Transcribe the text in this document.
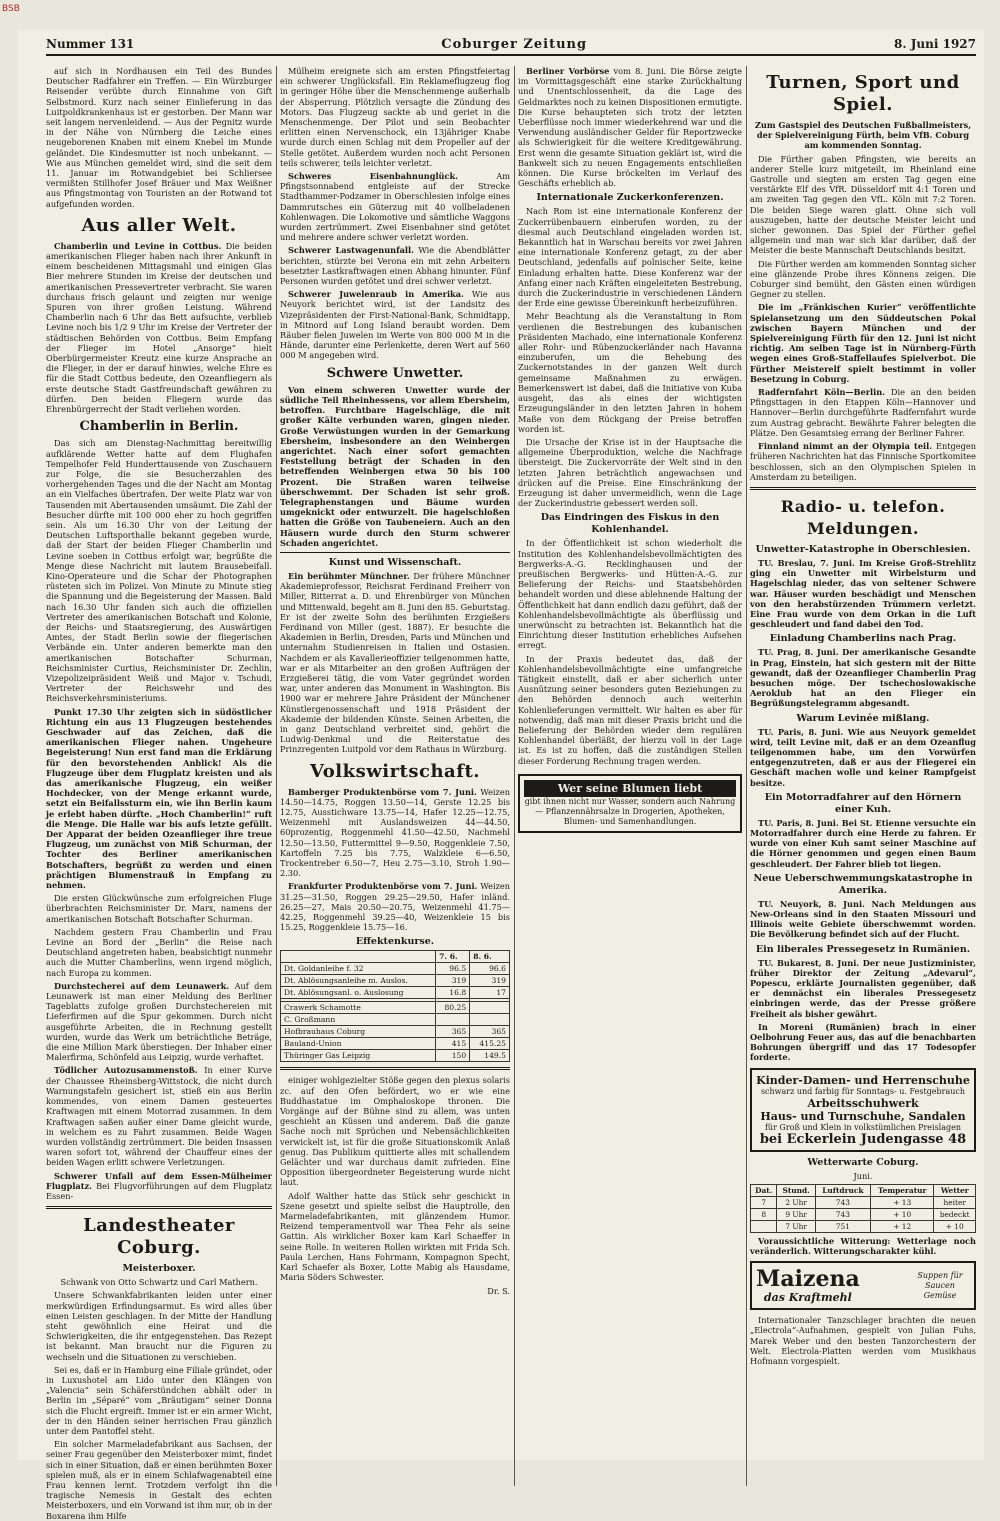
Nummer 131	Coburger Zeitung	8. Juni 1927

auf sich in Nordhausen ein Teil des Bundes Deutscher Radfahrer ein Treffen. — Ein Würzburger Reisender verübte durch Einnahme von Gift Selbstmord. Kurz nach seiner Einlieferung in das Luitpoldkrankenhaus ist er gestorben. Der Mann war seit langem nervenleidend. — Aus der Pegnitz wurde in der Nähe von Nürnberg die Leiche eines neugeborenen Knaben mit einem Knebel im Munde geländet. Die Kindesmutter ist noch unbekannt. — Wie aus München gemeldet wird, sind die seit dem 11. Januar im Rotwandgebiet bei Schliersee vermißten Stillhofer Josef Bräuer und Max Weißner aus Pfingstmontag von Touristen an der Rotwand tot aufgefunden worden.

Aus aller Welt.

Chamberlin und Levine in Cottbus. Die beiden amerikanischen Flieger haben nach ihrer Ankunft in einem bescheidenen Mittagsmahl und einigen Glas Bier mehrere Stunden im Kreise der deutschen und amerikanischen Pressevertreter verbracht. Sie waren durchaus frisch gelaunt und zeigten nur wenige Spuren von ihrer großen Leistung. Während Chamberlin nach 6 Uhr das Bett aufsuchte, verblieb Levine noch bis 1/2 9 Uhr im Kreise der Vertreter der städtischen Behörden von Cottbus. Beim Empfang der Flieger im Hotel „Ansorge“ hielt Oberbürgermeister Kreutz eine kurze Ansprache an die Flieger, in der er darauf hinwies, welche Ehre es für die Stadt Cottbus bedeute, den Ozeanfliegern als erste deutsche Stadt Gastfreundschaft gewähren zu dürfen. Den beiden Fliegern wurde das Ehrenbürgerrecht der Stadt verliehen worden.

Chamberlin in Berlin.

Das sich am Dienstag-Nachmittag bereitwillig aufklärende Wetter hatte auf dem Flughafen Tempelhofer Feld Hunderttausende von Zuschauern zur Folge, die sie Besucherzahlen des vorhergehenden Tages und die der Nacht am Montag an ein Vielfaches übertrafen. Der weite Platz war von Tausenden mit Abertausenden umsäumt. Die Zahl der Besucher dürfte mit 100 000 eher zu hoch gegriffen sein. Als um 16.30 Uhr von der Leitung der Deutschen Luftsporthalle bekannt gegeben wurde, daß der Start der beiden Flieger Chamberlin und Levine soeben in Cottbus erfolgt war, begrüßte die Menge diese Nachricht mit lautem Brausebeifall. Kino-Operateure und die Schar der Photographen rüsteten sich im Polizei. Von Minute zu Minute stieg die Spannung und die Begeisterung der Massen. Bald nach 16.30 Uhr fanden sich auch die offiziellen Vertreter des amerikanischen Botschaft und Kolonie, der Reichs- und Staatsregierung, des Auswärtigen Amtes, der Stadt Berlin sowie der fliegerischen Verbände ein. Unter anderen bemerkte man den amerikanischen Botschafter Schurman, Reichsminister Curtius, Reichsminister Dr. Zechlin, Vizepolizeipräsident Weiß und Major v. Tschudi, Vertreter der Reichswehr und des Reichsverkehrsministeriums.

Punkt 17.30 Uhr zeigten sich in südöstlicher Richtung ein aus 13 Flugzeugen bestehendes Geschwader auf das Zeichen, daß die amerikanischen Flieger nahen. Ungeheure Begeisterung! Nun erst fand man die Erklärung für den bevorstehenden Anblick! Als die Flugzeuge über dem Flugplatz kreisten und als das amerikanische Flugzeug, ein weißer Hochdecker, von der Menge erkannt wurde, setzt ein Beifallssturm ein, wie ihn Berlin kaum je erlebt haben dürfte. „Hoch Chamberlin!“ ruft die Menge. Die Halle war bis aufs letzte gefüllt. Der Apparat der beiden Ozeanflieger ihre treue Flugzeug, um zunächst von Miß Schurman, der Tochter des Berliner amerikanischen Botschafters, begrüßt zu werden und einen prächtigen Blumenstrauß in Empfang zu nehmen.

Die ersten Glückwünsche zum erfolgreichen Fluge überbrachten Reichsminister Dr. Marx, namens der amerikanischen Botschaft Botschafter Schurman.

Nachdem gestern Frau Chamberlin und Frau Levine an Bord der „Berlin“ die Reise nach Deutschland angetreten haben, beabsichtigt nunmehr auch die Mutter Chamberlins, wenn irgend möglich, nach Europa zu kommen.

Durchstecherei auf dem Leunawerk. Auf dem Leunawerk ist man einer Meldung des Berliner Tageblatts zufolge großen Durchstechereien mit Lieferfirmen auf die Spur gekommen. Durch nicht ausgeführte Arbeiten, die in Rechnung gestellt wurden, wurde das Werk um beträchtliche Beträge, die eine Million Mark überstiegen. Der Inhaber einer Malerfirma, Schönfeld aus Leipzig, wurde verhaftet.

Tödlicher Autozusammenstoß. In einer Kurve der Chaussee Rheinsberg-Wittstock, die nicht durch Warnungstafeln gesichert ist, stieß ein aus Berlin kommendes, von einem Damen gesteuertes Kraftwagen mit einem Motorrad zusammen. In dem Kraftwagen saßen außer einer Dame gleicht wurde, in welchem es zu Fahrt zusammen. Beide Wagen wurden vollständig zertrümmert. Die beiden Insassen waren sofort tot, während der Chauffeur eines der beiden Wagen erlitt schwere Verletzungen.

Schwerer Unfall auf dem Essen-Mülheimer Flugplatz. Bei Flugvorführungen auf dem Flugplatz Essen-

Landestheater Coburg.
Meisterboxer.

Schwank von Otto Schwartz und Carl Mathern.

Unsere Schwankfabrikanten leiden unter einer merkwürdigen Erfindungsarmut. Es wird alles über einen Leisten geschlagen. In der Mitte der Handlung steht gewöhnlich eine Heirat und die Schwierigkeiten, die ihr entgegenstehen. Das Rezept ist bekannt. Man braucht nur die Figuren zu wechseln und die Situationen zu verschieben.

Sei es, daß er in Hamburg eine Filiale gründet, oder in Luxushotel am Lido unter den Klängen von „Valencia“ sein Schäferstündchen abhält oder in Berlin im „Séparé“ vom „Bräutigam“ seiner Donna sich die Flucht ergreift. Immer ist er ein armer Wicht, der in den Händen seiner herrischen Frau gänzlich unter dem Pantoffel steht.

Ein solcher Marmeladefabrikant aus Sachsen, der seiner Frau gegenüber den Meisterboxer mimt, findet sich in einer Situation, daß er einen berühmten Boxer spielen muß, als er in einem Schlafwagenabteil eine Frau kennen lernt. Trotzdem verfolgt ihn die tragische Nemesis in Gestalt des echten Meisterboxers, und ein Vorwand ist ihm nur, ob in der Boxarena ihm Hilfe

Mülheim ereignete sich am ersten Pfingstfeiertag ein schwerer Unglücksfall. Ein Reklameflugzeug flog in geringer Höhe über die Menschenmenge außerhalb der Absperrung. Plötzlich versagte die Zündung des Motors. Das Flugzeug sackte ab und geriet in die Menschenmenge. Der Pilot und sein Beobachter erlitten einen Nervenschock, ein 13jähriger Knabe wurde durch einen Schlag mit dem Propeller auf der Stelle getötet. Außerdem wurden noch acht Personen teils schwerer, teils leichter verletzt.

Schweres Eisenbahnunglück.	Am Pfingstsonnabend entgleiste auf der Strecke Stadthammer-Podzamer in Oberschlesien infolge eines Dammrutsches ein Güterzug mit 40 vollbeladenen Kohlenwagen. Die Lokomotive und sämtliche Waggons wurden zertrümmert. Zwei Eisenbahner sind getötet und mehrere andere schwer verletzt worden.

Schwerer Lastwagenunfall. Wie die Abendblätter berichten, stürzte bei Verona ein mit zehn Arbeitern besetzter Lastkraftwagen einen Abhang hinunter. Fünf Personen wurden getötet und drei schwer verletzt.

Schwerer Juwelenraub in Amerika. Wie aus Neuyork berichtet wird, ist der Landsitz des Vizepräsidenten der First-National-Bank, Schmidtapp, in Mitnord auf Long Island beraubt worden. Dem Räuber fielen Juwelen im Werte von 800 000 M in die Hände, darunter eine Perlenkette, deren Wert auf 560 000 M angegeben wird.

Schwere Unwetter.

Von einem schweren Unwetter wurde der südliche Teil Rheinhessens, vor allem Ebersheim, betroffen. Furchtbare Hagelschläge, die mit großer Kälte verbunden waren, gingen nieder. Große Verwüstungen wurden in der Gemarkung Ebersheim, insbesondere an den Weinbergen angerichtet. Nach einer sofort gemachten Feststellung beträgt der Schaden in den betreffenden Weinbergen etwa 50 bis 100 Prozent. Die Straßen waren teilweise überschwemmt. Der Schaden ist sehr groß. Telegraphenstangen und Bäume wurden umgeknickt oder entwurzelt. Die hagelschloßen hatten die Größe von Taubeneiern. Auch an den Häusern wurde durch den Sturm schwerer Schaden angerichtet.

Kunst und Wissenschaft.

Ein berühmter Münchner. Der frühere Münchner Akademieprofessor, Reichsrat Ferdinand Freiherr von Miller, Ritterrat a. D. und Ehrenbürger von München und Mittenwald, begeht am 8. Juni den 85. Geburtstag. Er ist der zweite Sohn des berühmten Erzgießers Ferdinand von Miller (gest. 1887). Er besuchte die Akademien in Berlin, Dresden, Paris und München und unternahm Studienreisen in Italien und Ostasien. Nachdem er als Kavallerieoffizier teilgenommen hatte, war er als Mitarbeiter an den großen Aufträgen der Erzgießerei tätig, die vom Vater gegründet worden war, unter anderen das Monument in Washington. Bis 1900 war er mehrere Jahre Präsident der Münchener Künstlergenossenschaft und 1918 Präsident der Akademie der bildenden Künste. Seinen Arbeiten, die in ganz Deutschland verbreitet sind, gehört die Ludwig-Denkmal und die Reiterstatue des Prinzregenten Luitpold vor dem Rathaus in Würzburg.

Volkswirtschaft.

Bamberger Produktenbörse vom 7. Juni. Weizen 14.50—14.75, Roggen 13.50—14, Gerste 12.25 bis 12.75, Ausstichware 13.75—14, Hafer 12.25—12.75, Weizenmehl mit Auslandsweizen 44—44.50, 60prozentig, Roggenmehl 41.50—42.50, Nachmehl 12.50—13.50, Futtermittel 9—9.50, Roggenkleie 7.50, Kartoffeln 7.25 bis 7.75, Walzkleie 6—6.50, Trockentreber 6.50—7, Heu 2.75—3.10, Stroh 1.90—2.30.

Frankfurter Produktenbörse vom 7. Juni. Weizen 31.25—31.50, Roggen 29.25—29.50, Hafer inländ. 26.25—27, Mais 20.50—20.75, Weizenmehl 41.75—42.25, Roggenmehl 39.25—40, Weizenkleie 15 bis 15.25, Roggenkleie 15.75—16.

Effektenkurse.
	7. 6.	8. 6.
Dt. Goldanleihe f. 32	96.5	96.6
Dt. Ablösungsanleihe m. Auslos.	319	319
Dt. Ablösungsanl. o. Auslosung	16.8	17

Crawerk Schamotte	80.25	
C. Großmann		
Hofbrauhaus Coburg	365	365
Bauland-Union	415	415.25
Thüringer Gas Leipzig	150	149.5

einiger wohlgezielter Stöße gegen den plexus solaris zc. auf den Ofen befördert, wo er wie eine Buddhastatue im Omphaloskope thronen. Die Vorgänge auf der Bühne sind zu allem, was unten geschieht an Küssen und anderem. Daß die ganze Sache noch mit Sprüchen und Nebensächlichkeiten verwickelt ist, ist für die große Situationskomik Anlaß genug. Das Publikum quittierte alles mit schallendem Gelächter und war durchaus damit zufrieden. Eine Opposition übergeordneter Begeisterung wurde nicht laut.

Adolf Walther hatte das Stück sehr geschickt in Szene gesetzt und spielte selbst die Hauptrolle, den Marmeladefabrikanten, mit glänzendem Humor. Reizend temperamentvoll war Thea Fehr als seine Gattin. Als wirklicher Boxer kam Karl Schaeffer in seine Rolle. In weiteren Rollen wirkten mit Frida Sch. Paula Lerchen, Hans Fohrmann, Kompagnon Specht, Karl Schaefer als Boxer, Lotte Mabig als Hausdame, Maria Söders Schwester.

Dr. S.

Berliner Vorbörse vom 8. Juni. Die Börse zeigte im Vormittagsgeschäft eine starke Zurückhaltung und Unentschlossenheit, da die Lage des Geldmarktes noch zu keinen Dispositionen ermutigte. Die Kurse behaupteten sich trotz der letzten Ueberflüsse noch immer wiederkehrend war und die Verwendung ausländischer Gelder für Reportzwecke als Schwierigkeit für die weitere Kreditgewährung. Erst wenn die gesamte Situation geklärt ist, wird die Bankwelt sich zu neuen Engagements entschließen können. Die Kurse bröckelten im Verlauf des Geschäfts erheblich ab.

Internationale Zuckerkonferenzen.

Nach Rom ist eine internationale Konferenz der Zuckerrübenbauern einberufen worden, zu der diesmal auch Deutschland eingeladen worden ist. Bekanntlich hat in Warschau bereits vor zwei Jahren eine internationale Konferenz getagt, zu der aber Deutschland, jedenfalls auf polnischer Seite, keine Einladung erhalten hatte. Diese Konferenz war der Anfang einer nach Kräften eingeleiteten Bestrebung, durch die Zuckerindustrie in verschiedenen Ländern der Erde eine gewisse Übereinkunft herbeizuführen.

Mehr Beachtung als die Veranstaltung in Rom verdienen die Bestrebungen des kubanischen Präsidenten Machado, eine internationale Konferenz aller Rohr- und Rübenzuckerländer nach Havanna einzuberufen, um die Behebung des Zuckernotstandes in der ganzen Welt durch gemeinsame Maßnahmen zu erwägen. Bemerkenswert ist dabei, daß die Initiative von Kuba ausgeht, das als eines der wichtigsten Erzeugungsländer in den letzten Jahren in hohem Maße von dem Rückgang der Preise betroffen worden ist.

Die Ursache der Krise ist in der Hauptsache die allgemeine Überproduktion, welche die Nachfrage übersteigt. Die Zuckervorräte der Welt sind in den letzten Jahren beträchtlich angewachsen und drücken auf die Preise. Eine Einschränkung der Erzeugung ist daher unvermeidlich, wenn die Lage der Zuckerindustrie gebessert werden soll.

Das Eindringen des Fiskus in den Kohlenhandel.

In der Öffentlichkeit ist schon wiederholt die Institution des Kohlenhandelsbevollmächtigten des Bergwerks-A.-G. Recklinghausen und der preußischen Bergwerks- und Hütten-A.-G. zur Belieferung der Reichs- und Staatsbehörden behandelt worden und diese ablehnende Haltung der Öffentlichkeit hat dann endlich dazu geführt, daß der Kohlenhandelsbevollmächtigte als überflüssig und unerwünscht zu betrachten ist. Bekanntlich hat die Einrichtung dieser Institution erhebliches Aufsehen erregt.

In der Praxis bedeutet das, daß der Kohlenhandelsbevollmächtigte eine umfangreiche Tätigkeit einstellt, daß er aber sicherlich unter Ausnützung seiner besonders guten Beziehungen zu den Behörden dennoch auch weiterhin Kohlenlieferungen vermittelt. Wir halten es aber für notwendig, daß man mit dieser Praxis bricht und die Belieferung der Behörden wieder dem regulären Kohlenhandel überläßt, der hierzu voll in der Lage ist. Es ist zu hoffen, daß die zuständigen Stellen dieser Forderung Rechnung tragen werden.

Wer seine Blumen liebt
gibt ihnen nicht nur Wasser, sondern auch Nahrung — Pflanzennährsalze in Drogerien, Apotheken, Blumen- und Samenhandlungen.
Turnen, Sport und Spiel.

Zum Gastspiel des Deutschen Fußballmeisters, der Spielvereinigung Fürth, beim VfB. Coburg am kommenden Sonntag.

Die Fürther gaben Pfingsten, wie bereits an anderer Stelle kurz mitgeteilt, im Rheinland eine Gastrolle und siegten am ersten Tag gegen eine verstärkte Elf des VfR. Düsseldorf mit 4:1 Toren und am zweiten Tag gegen den VfL. Köln mit 7:2 Toren. Die beiden Siege waren glatt. Ohne sich voll auszugeben, hatte der deutsche Meister leicht und sicher gewonnen. Das Spiel der Fürther gefiel allgemein und man war sich klar darüber, daß der Meister die beste Mannschaft Deutschlands besitzt.

Die Fürther werden am kommenden Sonntag sicher eine glänzende Probe ihres Könnens zeigen. Die Coburger sind bemüht, den Gästen einen würdigen Gegner zu stellen.

Die im „Fränkischen Kurier“ veröffentlichte Spielansetzung um den Süddeutschen Pokal zwischen Bayern München und der Spielvereinigung Fürth für den 12. Juni ist nicht richtig. Am selben Tage ist in Nürnberg-Fürth wegen eines Groß-Staffellaufes Spielverbot. Die Fürther Meisterelf spielt bestimmt in voller Besetzung in Coburg.

Radfernfahrt Köln—Berlin. Die an den beiden Pfingsttagen in den Etappen Köln—Hannover und Hannover—Berlin durchgeführte Radfernfahrt wurde zum Austrag gebracht. Bewährte Fahrer belegten die Plätze. Den Gesamtsieg errang der Berliner Fahrer.

Finnland nimmt an der Olympia teil. Entgegen früheren Nachrichten hat das Finnische Sportkomitee beschlossen, sich an den Olympischen Spielen in Amsterdam zu beteiligen.

Radio- u. telefon. Meldungen.
Unwetter-Katastrophe in Oberschlesien.

TU. Breslau, 7. Juni. Im Kreise Groß-Strehlitz ging ein Unwetter mit Wirbelsturm und Hagelschlag nieder, das von seltener Schwere war. Häuser wurden beschädigt und Menschen von den herabstürzenden Trümmern verletzt. Eine Frau wurde von dem Orkan in die Luft geschleudert und fand dabei den Tod.

Einladung Chamberlins nach Prag.

TU. Prag, 8. Juni. Der amerikanische Gesandte in Prag, Einstein, hat sich gestern mit der Bitte gewandt, daß der Ozeanflieger Chamberlin Prag besuchen möge. Der tschechoslowakische Aeroklub hat an den Flieger ein Begrüßungstelegramm abgesandt.

Warum Levinée mißlang.

TU. Paris, 8. Juni. Wie aus Neuyork gemeldet wird, teilt Levine mit, daß er an dem Ozeanflug teilgenommen habe, um den Vorwürfen entgegenzutreten, daß er aus der Fliegerei ein Geschäft machen wolle und keiner Rampfgeist besitze.

Ein Motorradfahrer auf den Hörnern einer Kuh.

TU. Paris, 8. Juni. Bei St. Etienne versuchte ein Motorradfahrer durch eine Herde zu fahren. Er wurde von einer Kuh samt seiner Maschine auf die Hörner genommen und gegen einen Baum geschleudert. Der Fahrer blieb tot liegen.

Neue Ueberschwemmungskatastrophe in Amerika.

TU. Neuyork, 8. Juni. Nach Meldungen aus New-Orleans sind in den Staaten Missouri und Illinois weite Gebiete überschwemmt worden. Die Bevölkerung befindet sich auf der Flucht.

Ein liberales Pressegesetz in Rumänien.

TU. Bukarest, 8. Juni. Der neue Justizminister, früher Direktor der Zeitung „Adevarul“, Popescu, erklärte Journalisten gegenüber, daß er demnächst ein liberales Pressegesetz einbringen werde, das der Presse größere Freiheit als bisher gewährt.

In Moreni (Rumänien) brach in einer Oelbohrung Feuer aus, das auf die benachbarten Bohrungen übergriff und das 17 Todesopfer forderte.

Kinder-Damen- und Herrenschuhe
schwarz und farbig für Sonntags- u. Festgebrauch
Arbeitsschuhwerk
Haus- und Turnschuhe, Sandalen
für Groß und Klein in volkstümlichen Preislagen
bei Eckerlein Judengasse 48
Wetterwarte Coburg.

Juni.

Dat.	Stund.	Luftdruck	Temperatur	Wetter
7	2 Uhr	743	+ 13	heiter
8	9 Uhr	743	+ 10	bedeckt
	7 Uhr	751	+ 12	+ 10

Voraussichtliche Witterung: Wetterlage noch veränderlich. Witterungscharakter kühl.

Maizena
das Kraftmehl
Suppen für Saucen Gemüse

Internationaler Tanzschlager brachten die neuen „Electrola“-Aufnahmen, gespielt von Julian Fuhs, Marek Weber und den besten Tanzorchestern der Welt. Electrola-Platten werden vom Musikhaus Hofmann vorgespielt.

BSB
